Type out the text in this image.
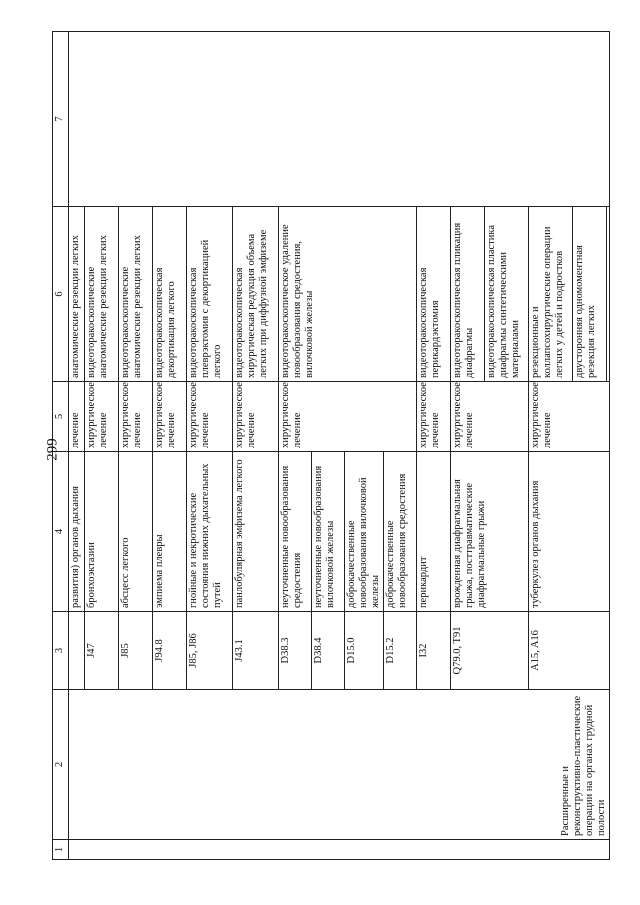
299
1	2	3	4	5	6	7

	Расширенные и реконструктивно-пластические операции на органах грудной полости		развития) органов дыхания	лечение	анатомические резекции легких	
		J47	бронхоэктазии	хирургическое лечение	видеоторакоскопические анатомические резекции легких	
		J85	абсцесс легкого	хирургическое лечение	видеоторакоскопические анатомические резекции легких	
		J94.8	эмпиема плевры	хирургическое лечение	видеоторакоскопическая декортикация легкого	
		J85, J86	гнойные и некротические состояния нижних дыхательных путей	хирургическое лечение	видеоторакоскопическая плеврэктомия с декортикацией легкого	
		J43.1	панлобулярная эмфизема легкого	хирургическое лечение	видеоторакоскопическая хирургическая редукция объема легких при диффузной эмфиземе	
		D38.3	неуточненные новообразования средостения	хирургическое лечение	видеоторакоскопическое удаление новообразования средостения, вилочковой железы	
		D38.4	неуточненные новообразования вилочковой железы			
		D15.0	доброкачественные новообразования вилочковой железы			
		D15.2	доброкачественные новообразования средостения			
		I32	перикардит	хирургическое лечение	видеоторакоскопическая перикардэктомия	
		Q79.0, T91	врожденная диафрагмальная грыжа, посттравматические диафрагмальные грыжи	хирургическое лечение	видеоторакоскопическая пликация диафрагмы	
					видеоторакоскопическая пластика диафрагмы синтетическими материалами	
		A15, A16	туберкулез органов дыхания	хирургическое лечение	резекционные и коллапсохирургические операции легких у детей и подростков	
					двусторонняя одномоментная резекция легких	
